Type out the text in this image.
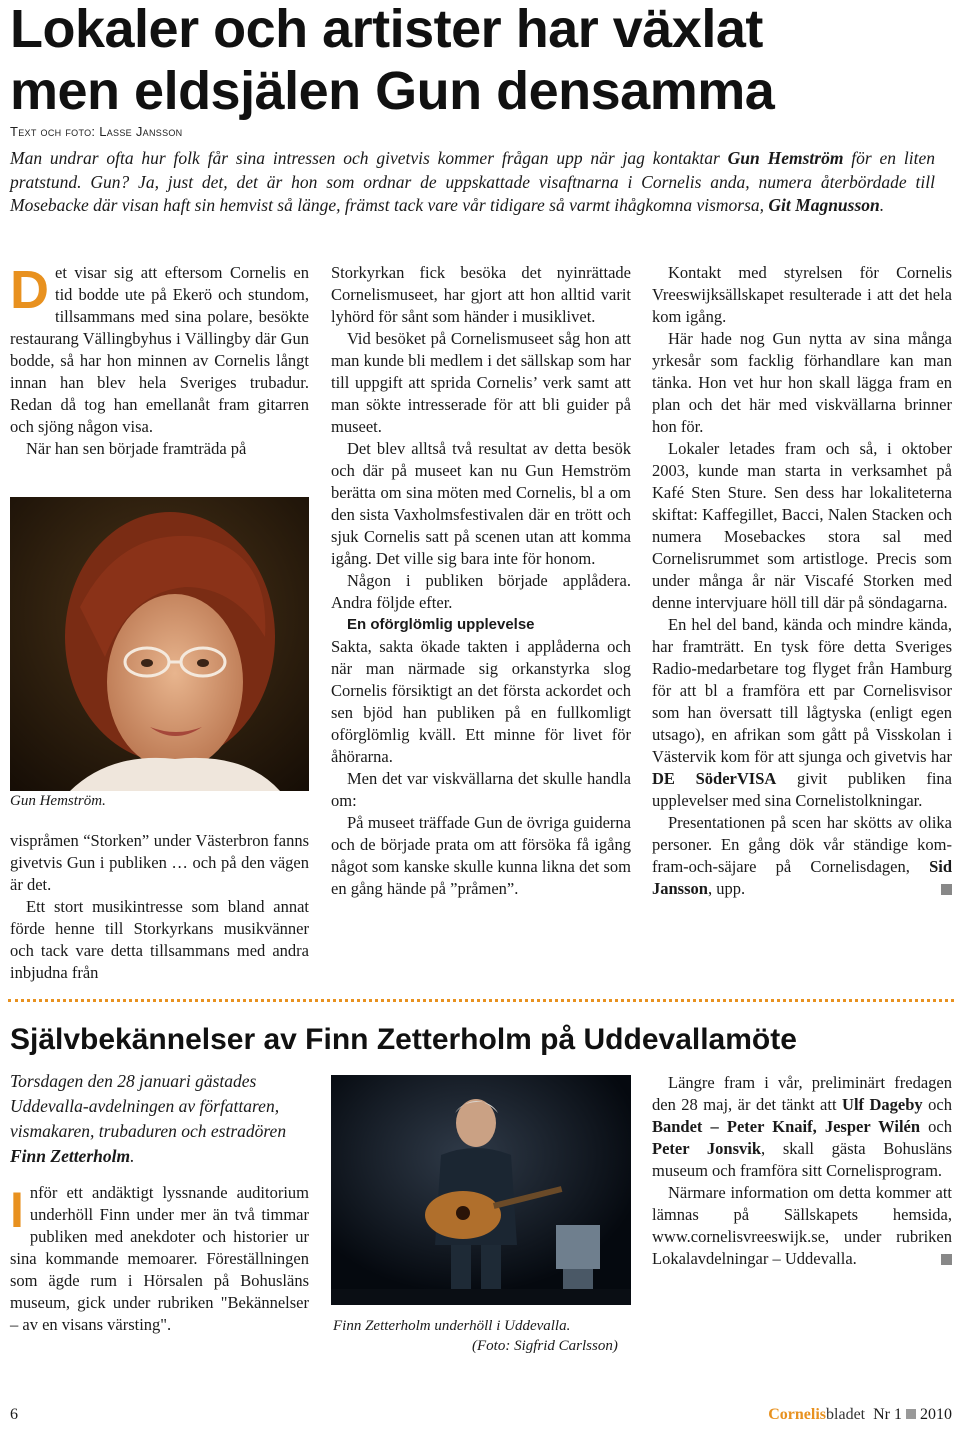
Lokaler och artister har växlat
men eldsjälen Gun densamma
Text och foto: Lasse Jansson
Man undrar ofta hur folk får sina intressen och givetvis kommer frågan upp när jag kontaktar Gun Hemström för en liten pratstund. Gun? Ja, just det, det är hon som ordnar de uppskattade visaftnarna i Cornelis anda, numera återbördade till Mosebacke där visan haft sin hemvist så länge, främst tack vare vår tidigare så varmt ihågkomna vismorsa, Git Magnusson.

Det visar sig att eftersom Cornelis en tid bodde ute på Ekerö och stundom, tillsammans med sina polare, besökte restaurang Vällingbyhus i Vällingby där Gun bodde, så har hon minnen av Cornelis långt innan han blev hela Sveriges trubadur. Redan då tog han emellanåt fram gitarren och sjöng någon visa.

När han sen började framträda på

Gun Hemström.

vispråmen “Storken” under Västerbron fanns givetvis Gun i publiken … och på den vägen är det.

Ett stort musikintresse som bland annat förde henne till Storkyrkans musikvänner och tack vare detta tillsammans med andra inbjudna från

Storkyrkan fick besöka det nyinrättade Cornelismuseet, har gjort att hon alltid varit lyhörd för sånt som händer i musiklivet.

Vid besöket på Cornelismuseet såg hon att man kunde bli medlem i det sällskap som har till uppgift att sprida Cornelis’ verk samt att man sökte intresserade för att bli guider på museet.

Det blev alltså två resultat av detta besök och där på museet kan nu Gun Hemström berätta om sina möten med Cornelis, bl a om den sista Vaxholmsfestivalen där en trött och sjuk Cornelis satt på scenen utan att komma igång. Det ville sig bara inte för honom.

Någon i publiken började applådera. Andra följde efter.

En oförglömlig upplevelse

Sakta, sakta ökade takten i applåderna och när man närmade sig orkanstyrka slog Cornelis försiktigt an det första ackordet och sen bjöd han publiken på en fullkomligt oförglömlig kväll. Ett minne för livet för åhörarna.

Men det var viskvällarna det skulle handla om:

På museet träffade Gun de övriga guiderna och de började prata om att försöka få igång något som kanske skulle kunna likna det som en gång hände på ”pråmen”.

Kontakt med styrelsen för Cornelis Vreeswijksällskapet resulterade i att det hela kom igång.

Här hade nog Gun nytta av sina många yrkesår som facklig förhandlare kan man tänka. Hon vet hur hon skall lägga fram en plan och det här med viskvällarna brinner hon för.

Lokaler letades fram och så, i oktober 2003, kunde man starta in verksamhet på Kafé Sten Sture. Sen dess har lokaliteterna skiftat: Kaffegillet, Bacci, Nalen Stacken och numera Mosebackes stora sal med Cornelisrummet som artistloge. Precis som under många år när Viscafé Storken med denne intervjuare höll till där på söndagarna.

En hel del band, kända och mindre kända, har framträtt. En tysk före detta Sveriges Radio-medarbetare tog flyget från Hamburg för att bl a framföra ett par Cornelisvisor som han översatt till lågtyska (enligt egen utsago), en afrikan som gått på Visskolan i Västervik kom för att sjunga och givetvis har DE SöderVISA givit publiken fina upplevelser med sina Cornelistolkningar.

Presentationen på scen har skötts av olika personer. En gång dök vår ständige kom-fram-och-säjare på Cornelisdagen, Sid Jansson, upp.

Självbekännelser av Finn Zetterholm på Uddevallamöte
Torsdagen den 28 januari gästades Uddevalla-avdelningen av författaren, vismakaren, trubaduren och estradören Finn Zetterholm.

Inför ett andäktigt lyssnande auditorium underhöll Finn under mer än två timmar publiken med anekdoter och historier ur sina kommande memoarer. Föreställningen som ägde rum i Hörsalen på Bohusläns museum, gick under rubriken "Bekännelser – av en visans värsting".	Finn Zetterholm underhöll i Uddevalla.
(Foto: Sigfrid Carlsson)

Längre fram i vår, preliminärt fredagen den 28 maj, är det tänkt att Ulf Dageby och Bandet – Peter Knaif, Jesper Wilén och Peter Jonsvik, skall gästa Bohusläns museum och framföra sitt Cornelisprogram.

Närmare information om detta kommer att lämnas på Sällskapets hemsida, www.cornelisvreeswijk.se, under rubriken Lokalavdelningar – Uddevalla.

6	Cornelisbladet Nr 1 2010
